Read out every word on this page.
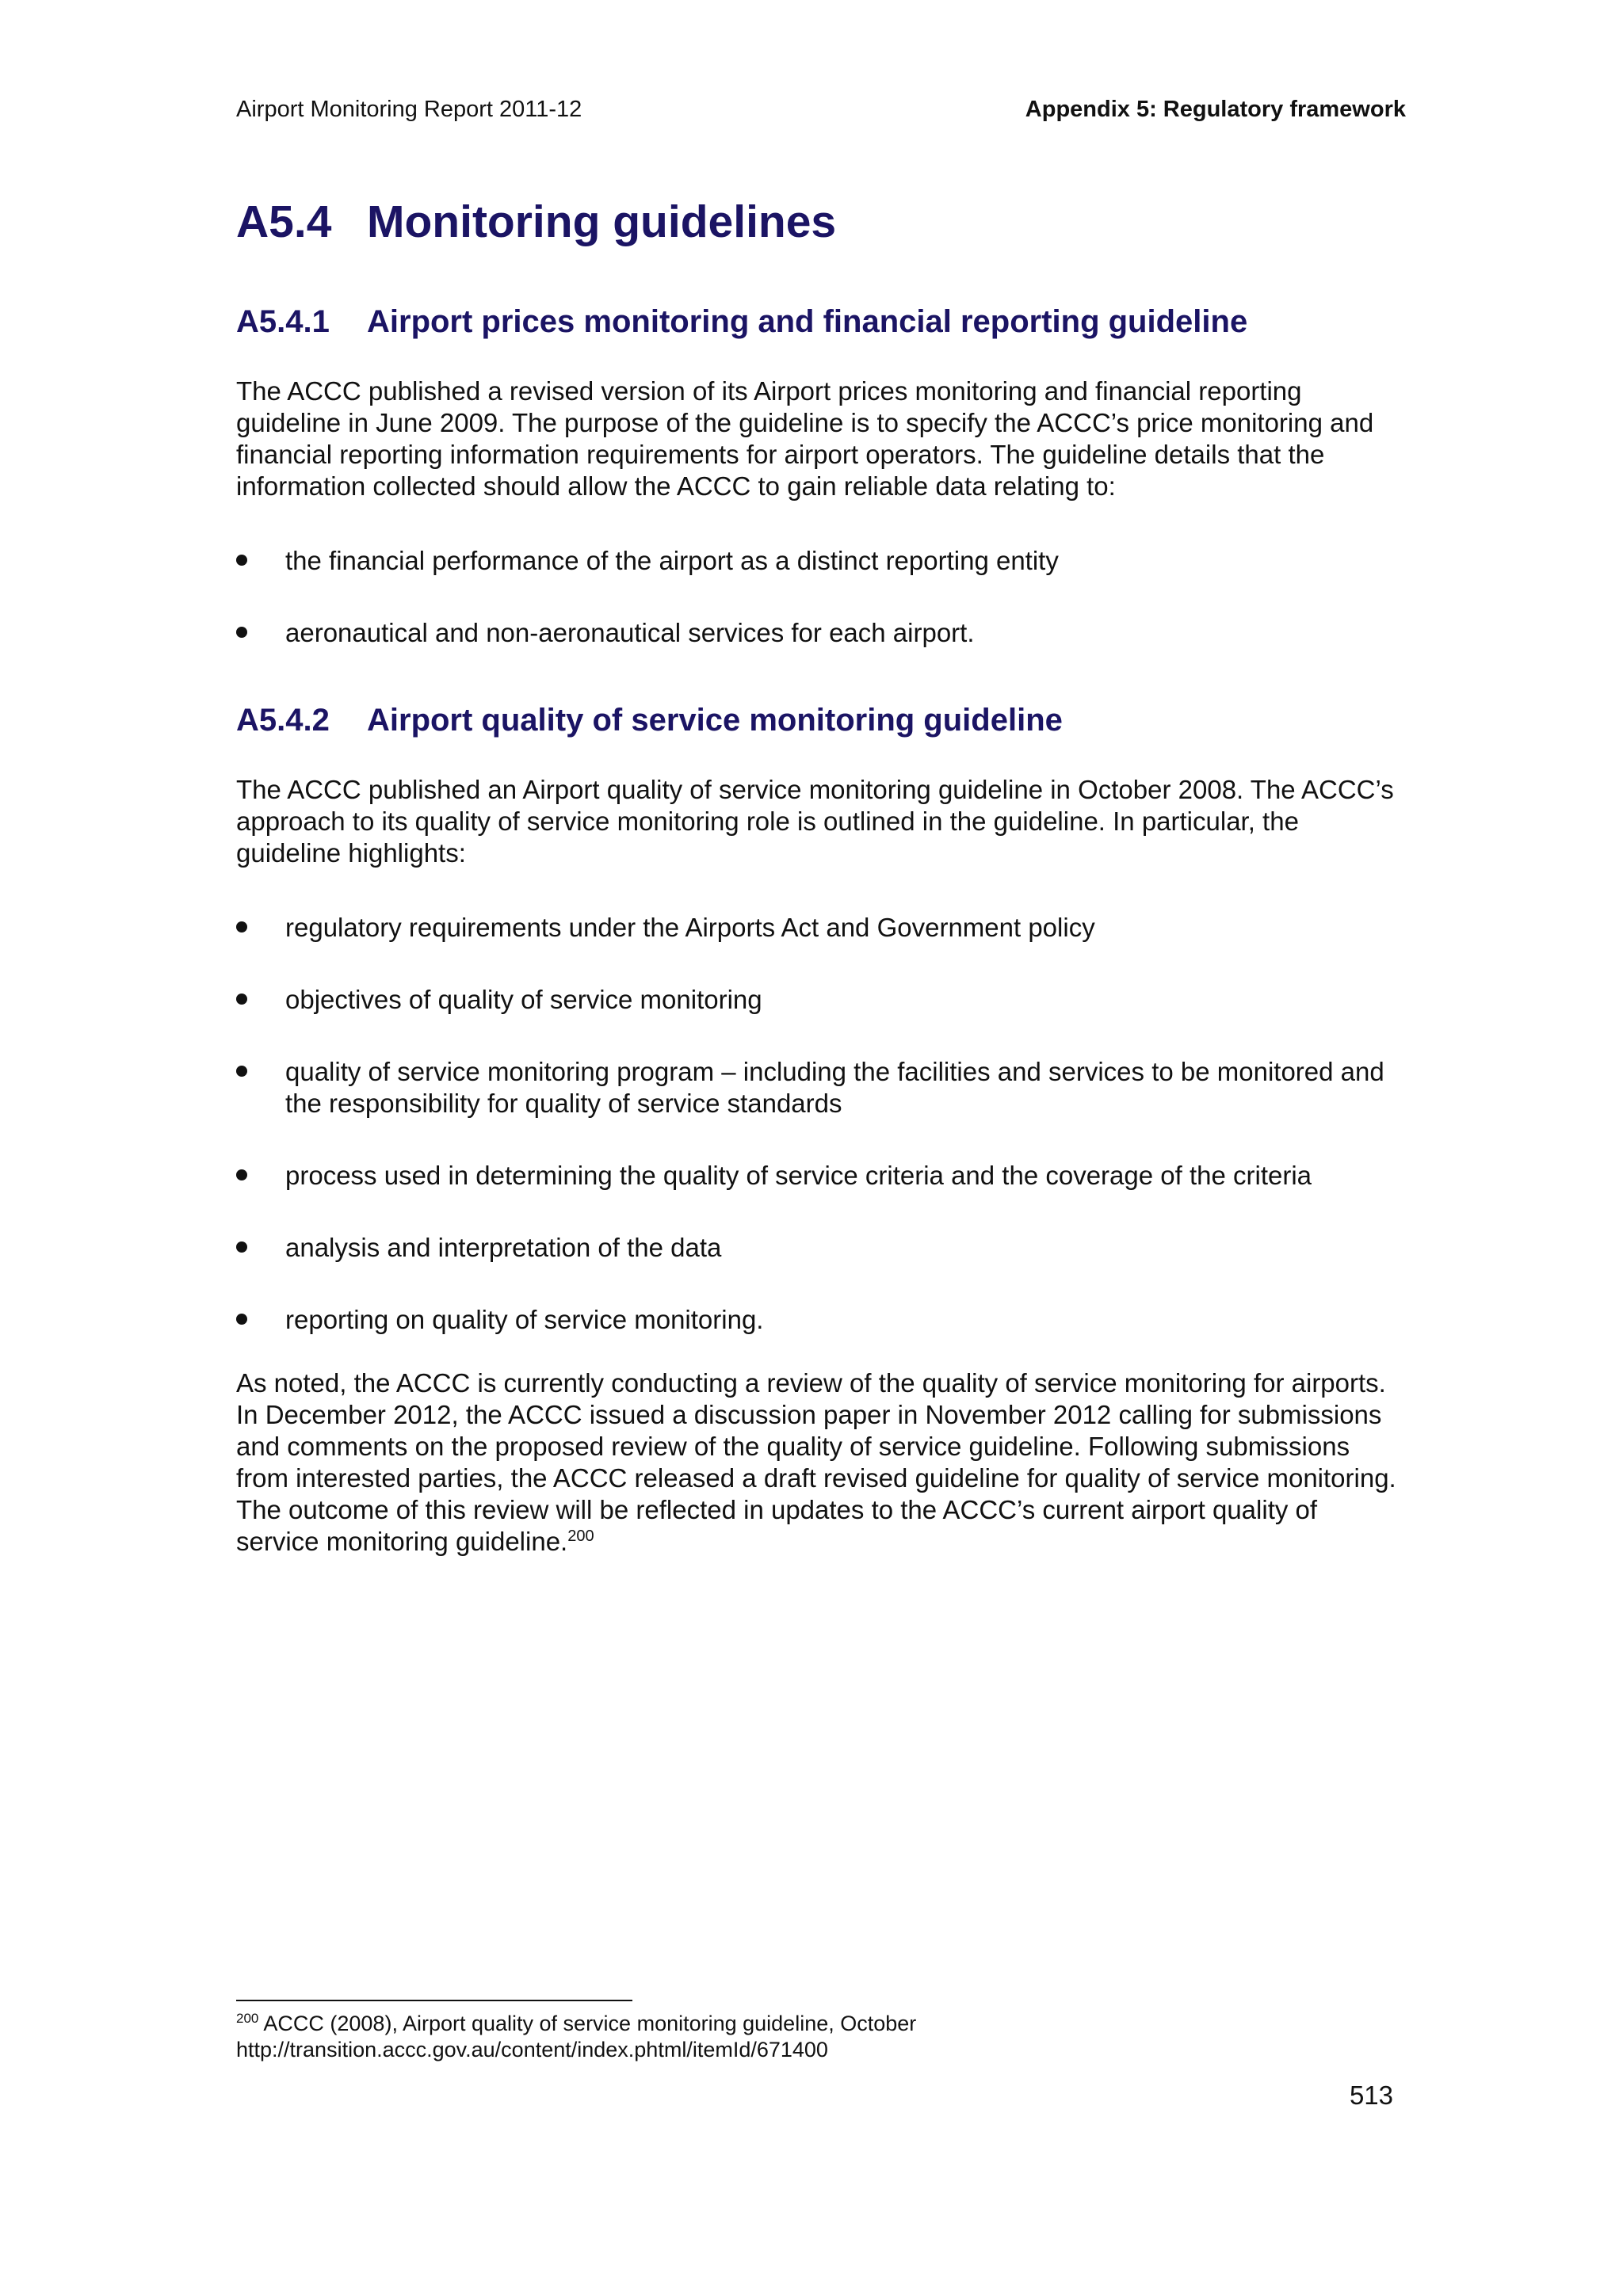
Airport Monitoring Report 2011-12	Appendix 5: Regulatory framework
A5.4 Monitoring guidelines
A5.4.1 Airport prices monitoring and financial reporting guideline

The ACCC published a revised version of its Airport prices monitoring and financial reporting guideline in June 2009. The purpose of the guideline is to specify the ACCC’s price monitoring and financial reporting information requirements for airport operators. The guideline details that the information collected should allow the ACCC to gain reliable data relating to:

the financial performance of the airport as a distinct reporting entity
aeronautical and non-aeronautical services for each airport.
A5.4.2 Airport quality of service monitoring guideline

The ACCC published an Airport quality of service monitoring guideline in October 2008. The ACCC’s approach to its quality of service monitoring role is outlined in the guideline. In particular, the guideline highlights:

regulatory requirements under the Airports Act and Government policy
objectives of quality of service monitoring
quality of service monitoring program – including the facilities and services to be monitored and the responsibility for quality of service standards
process used in determining the quality of service criteria and the coverage of the criteria
analysis and interpretation of the data
reporting on quality of service monitoring.

As noted, the ACCC is currently conducting a review of the quality of service monitoring for airports. In December 2012, the ACCC issued a discussion paper in November 2012 calling for submissions and comments on the proposed review of the quality of service guideline. Following submissions from interested parties, the ACCC released a draft revised guideline for quality of service monitoring. The outcome of this review will be reflected in updates to the ACCC’s current airport quality of service monitoring guideline.$^{200}$

$^{200}$ ACCC (2008), Airport quality of service monitoring guideline, October
http://transition.accc.gov.au/content/index.phtml/itemId/671400
513
